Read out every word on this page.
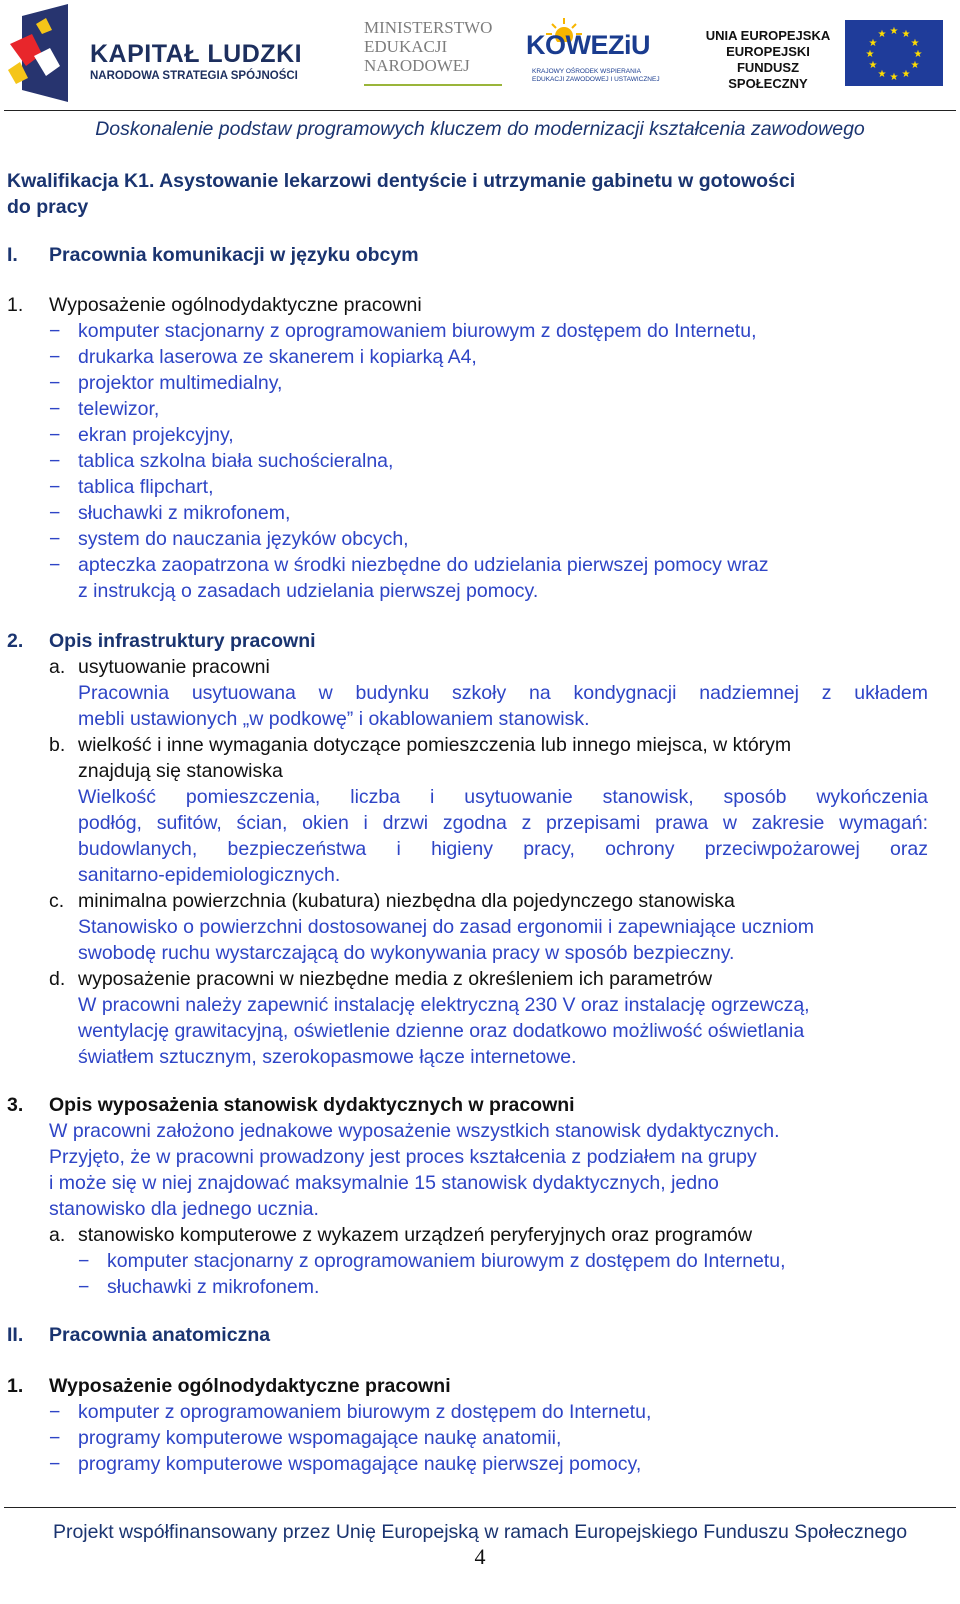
KAPITAŁ LUDZKI
NARODOWA STRATEGIA SPÓJNOŚCI
MINISTERSTWO
EDUKACJI
NARODOWEJ
KOWEZiU
KRAJOWY OŚRODEK WSPIERANIA
EDUKACJI ZAWODOWEJ I USTAWICZNEJ
UNIA EUROPEJSKA
EUROPEJSKI
FUNDUSZ SPOŁECZNY
★ ★
★
★
★
★
★
★
★
★
★
★
Doskonalenie podstaw programowych kluczem do modernizacji kształcenia zawodowego
Kwalifikacja K1. Asystowanie lekarzowi dentyście i utrzymanie gabinetu w gotowości
do pracy
I. Pracownia komunikacji w języku obcym
1. Wyposażenie ogólnodydaktyczne pracowni
− komputer stacjonarny z oprogramowaniem biurowym z dostępem do Internetu,
− drukarka laserowa ze skanerem i kopiarką A4,
− projektor multimedialny,
− telewizor,
− ekran projekcyjny,
− tablica szkolna biała suchościeralna,
− tablica flipchart,
− słuchawki z mikrofonem,
− system do nauczania języków obcych,
− apteczka zaopatrzona w środki niezbędne do udzielania pierwszej pomocy wraz
z instrukcją o zasadach udzielania pierwszej pomocy.
2. Opis infrastruktury pracowni
a. usytuowanie pracowni
Pracownia usytuowana w budynku szkoły na kondygnacji nadziemnej z układem
mebli ustawionych „w podkowę” i okablowaniem stanowisk.
b. wielkość i inne wymagania dotyczące pomieszczenia lub innego miejsca, w którym
znajdują się stanowiska
Wielkość pomieszczenia, liczba i usytuowanie stanowisk, sposób wykończenia
podłóg, sufitów, ścian, okien i drzwi zgodna z przepisami prawa w zakresie wymagań:
budowlanych, bezpieczeństwa i higieny pracy, ochrony przeciwpożarowej oraz
sanitarno-epidemiologicznych.
c. minimalna powierzchnia (kubatura) niezbędna dla pojedynczego stanowiska
Stanowisko o powierzchni dostosowanej do zasad ergonomii i zapewniające uczniom
swobodę ruchu wystarczającą do wykonywania pracy w sposób bezpieczny.
d. wyposażenie pracowni w niezbędne media z określeniem ich parametrów
W pracowni należy zapewnić instalację elektryczną 230 V oraz instalację ogrzewczą,
wentylację grawitacyjną, oświetlenie dzienne oraz dodatkowo możliwość oświetlania
światłem sztucznym, szerokopasmowe łącze internetowe.
3. Opis wyposażenia stanowisk dydaktycznych w pracowni
W pracowni założono jednakowe wyposażenie wszystkich stanowisk dydaktycznych.
Przyjęto, że w pracowni prowadzony jest proces kształcenia z podziałem na grupy
i może się w niej znajdować maksymalnie 15 stanowisk dydaktycznych, jedno
stanowisko dla jednego ucznia.
a. stanowisko komputerowe z wykazem urządzeń peryferyjnych oraz programów
− komputer stacjonarny z oprogramowaniem biurowym z dostępem do Internetu,
− słuchawki z mikrofonem.
II. Pracownia anatomiczna
1. Wyposażenie ogólnodydaktyczne pracowni
− komputer z oprogramowaniem biurowym z dostępem do Internetu,
− programy komputerowe wspomagające naukę anatomii,
− programy komputerowe wspomagające naukę pierwszej pomocy,
Projekt współfinansowany przez Unię Europejską w ramach Europejskiego Funduszu Społecznego
4
